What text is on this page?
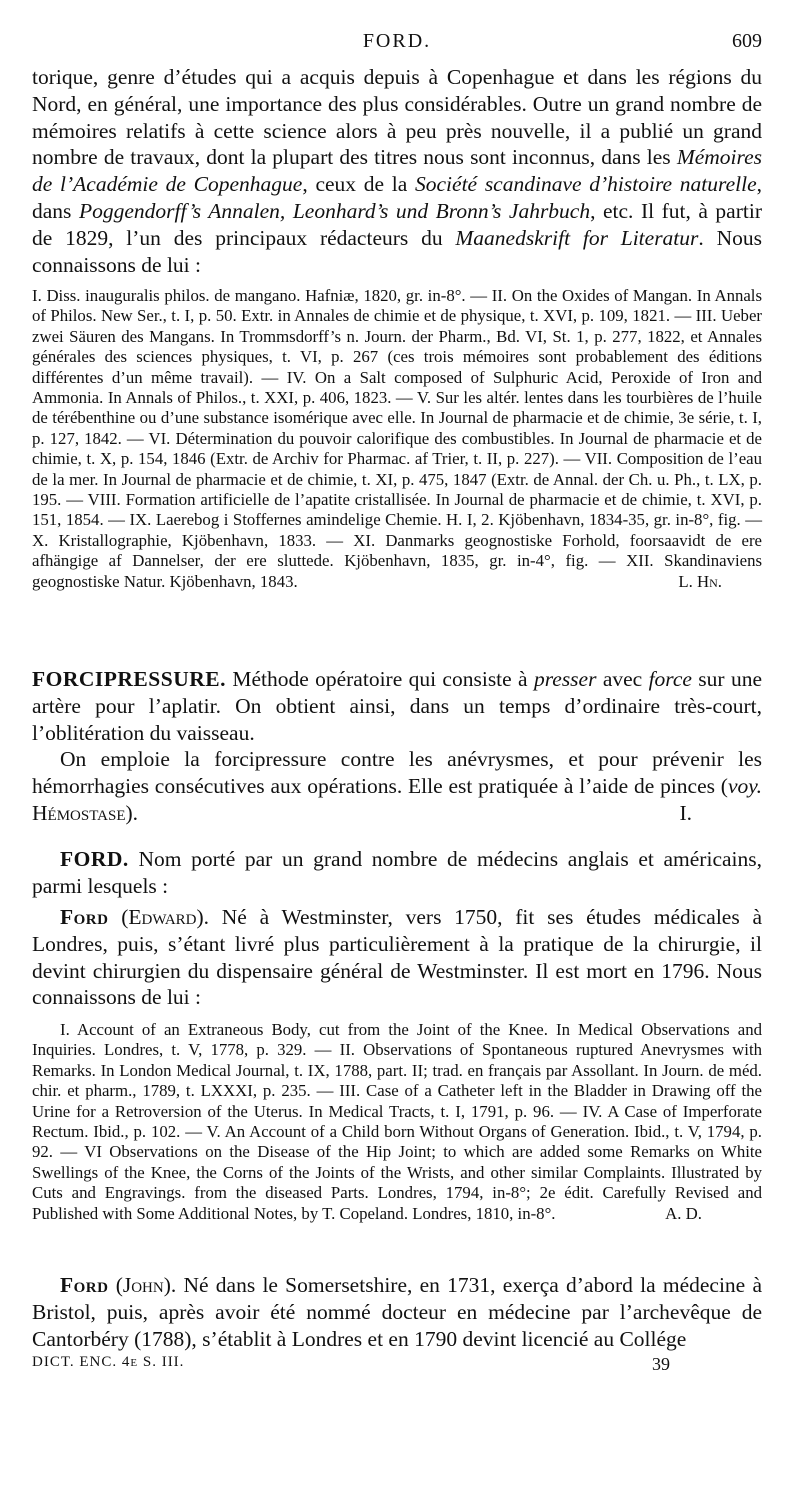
FORD.	609

torique, genre d’études qui a acquis depuis à Copenhague et dans les régions du Nord, en général, une importance des plus considérables. Outre un grand nombre de mémoires relatifs à cette science alors à peu près nouvelle, il a publié un grand nombre de travaux, dont la plupart des titres nous sont inconnus, dans les Mémoires de l’Académie de Copenhague, ceux de la Société scandinave d’histoire naturelle, dans Poggendorff’s Annalen, Leonhard’s und Bronn’s Jahrbuch, etc. Il fut, à partir de 1829, l’un des principaux rédacteurs du Maanedskrift for Literatur. Nous connaissons de lui :

I. Diss. inauguralis philos. de mangano. Hafniæ, 1820, gr. in-8°. — II. On the Oxides of Mangan. In Annals of Philos. New Ser., t. I, p. 50. Extr. in Annales de chimie et de physique, t. XVI, p. 109, 1821. — III. Ueber zwei Säuren des Mangans. In Trommsdorff’s n. Journ. der Pharm., Bd. VI, St. 1, p. 277, 1822, et Annales générales des sciences physiques, t. VI, p. 267 (ces trois mémoires sont probablement des éditions différentes d’un même travail). — IV. On a Salt composed of Sulphuric Acid, Peroxide of Iron and Ammonia. In Annals of Philos., t. XXI, p. 406, 1823. — V. Sur les altér. lentes dans les tourbières de l’huile de térébenthine ou d’une substance isomérique avec elle. In Journal de pharmacie et de chimie, 3e série, t. I, p. 127, 1842. — VI. Détermination du pouvoir calorifique des combustibles. In Journal de pharmacie et de chimie, t. X, p. 154, 1846 (Extr. de Archiv for Pharmac. af Trier, t. II, p. 227). — VII. Composition de l’eau de la mer. In Journal de pharmacie et de chimie, t. XI, p. 475, 1847 (Extr. de Annal. der Ch. u. Ph., t. LX, p. 195. — VIII. Formation artificielle de l’apatite cristallisée. In Journal de pharmacie et de chimie, t. XVI, p. 151, 1854. — IX. Laerebog i Stoffernes amindelige Chemie. H. I, 2. Kjöbenhavn, 1834-35, gr. in-8°, fig. — X. Kristallographie, Kjöbenhavn, 1833. — XI. Danmarks geognostiske Forhold, foorsaavidt de ere afhängige af Dannelser, der ere sluttede. Kjöbenhavn, 1835, gr. in-4°, fig. — XII. Skandinaviens geognostiske Natur. Kjöbenhavn, 1843.	L. Hn.

FORCIPRESSURE. Méthode opératoire qui consiste à presser avec force sur une artère pour l’aplatir. On obtient ainsi, dans un temps d’ordinaire très-court, l’oblitération du vaisseau.

On emploie la forcipressure contre les anévrysmes, et pour prévenir les hémorrhagies consécutives aux opérations. Elle est pratiquée à l’aide de pinces (voy. Hémostase).	I.

FORD. Nom porté par un grand nombre de médecins anglais et américains, parmi lesquels :

Ford (Edward). Né à Westminster, vers 1750, fit ses études médicales à Londres, puis, s’étant livré plus particulièrement à la pratique de la chirurgie, il devint chirurgien du dispensaire général de Westminster. Il est mort en 1796. Nous connaissons de lui :

I. Account of an Extraneous Body, cut from the Joint of the Knee. In Medical Observations and Inquiries. Londres, t. V, 1778, p. 329. — II. Observations of Spontaneous ruptured Anevrysmes with Remarks. In London Medical Journal, t. IX, 1788, part. II; trad. en français par Assollant. In Journ. de méd. chir. et pharm., 1789, t. LXXXI, p. 235. — III. Case of a Catheter left in the Bladder in Drawing off the Urine for a Retroversion of the Uterus. In Medical Tracts, t. I, 1791, p. 96. — IV. A Case of Imperforate Rectum. Ibid., p. 102. — V. An Account of a Child born Without Organs of Generation. Ibid., t. V, 1794, p. 92. — VI Observations on the Disease of the Hip Joint; to which are added some Remarks on White Swellings of the Knee, the Corns of the Joints of the Wrists, and other similar Complaints. Illustrated by Cuts and Engravings. from the diseased Parts. Londres, 1794, in-8°; 2e édit. Carefully Revised and Published with Some Additional Notes, by T. Copeland. Londres, 1810, in-8°.	A. D.

Ford (John). Né dans le Somersetshire, en 1731, exerça d’abord la médecine à Bristol, puis, après avoir été nommé docteur en médecine par l’archevêque de Cantorbéry (1788), s’établit à Londres et en 1790 devint licencié au Collége

DICT. ENC. 4e S. III.	39
